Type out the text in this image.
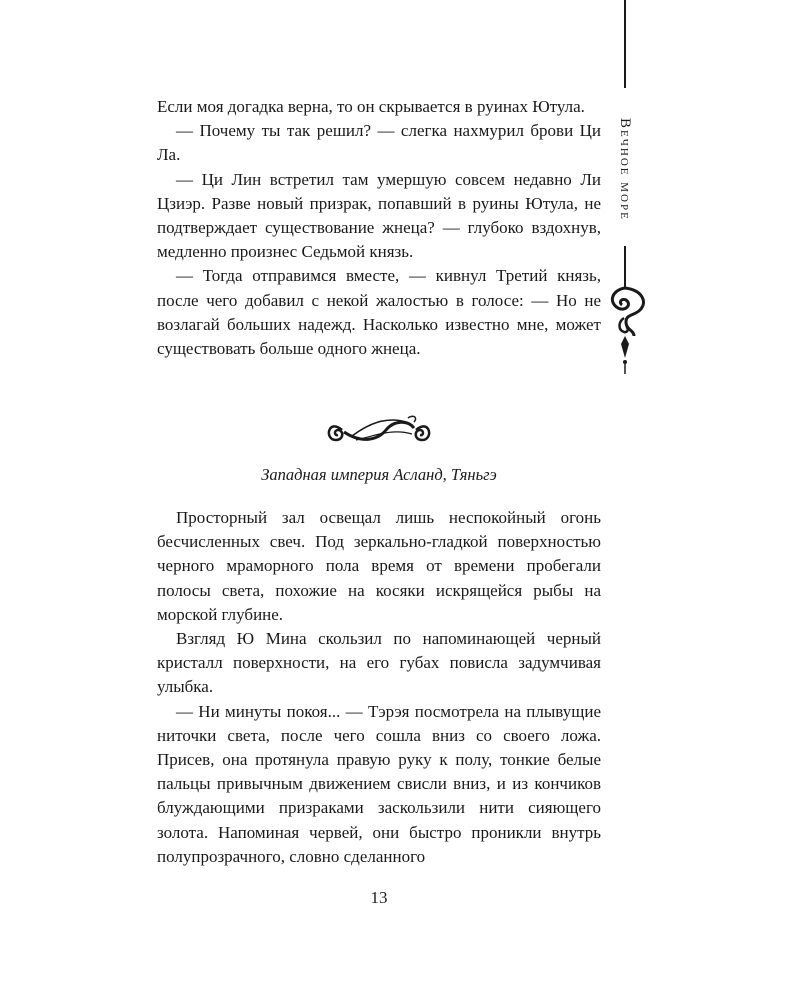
Вечное море

Если моя догадка верна, то он скрывается в руинах Ютула.

— Почему ты так решил? — слегка нахмурил брови Ци Ла.

— Ци Лин встретил там умершую совсем недавно Ли Цзиэр. Разве новый призрак, попавший в руины Ютула, не подтверждает существование жнеца? — глубоко вздохнув, медленно произнес Седьмой князь.

— Тогда отправимся вместе, — кивнул Третий князь, после чего добавил с некой жалостью в голосе: — Но не возлагай больших надежд. Насколько известно мне, может существовать больше одного жнеца.

Западная империя Асланд, Тяньгэ

Просторный зал освещал лишь неспокойный огонь бесчисленных свеч. Под зеркально-гладкой поверхностью черного мраморного пола время от времени пробегали полосы света, похожие на косяки искрящейся рыбы на морской глубине.

Взгляд Ю Мина скользил по напоминающей черный кристалл поверхности, на его губах повисла задумчивая улыбка.

— Ни минуты покоя... — Тэрэя посмотрела на плывущие ниточки света, после чего сошла вниз со своего ложа. Присев, она протянула правую руку к полу, тонкие белые пальцы привычным движением свисли вниз, и из кончиков блуждающими призраками заскользили нити сияющего золота. Напоминая червей, они быстро проникли внутрь полупрозрачного, словно сделанного

13
